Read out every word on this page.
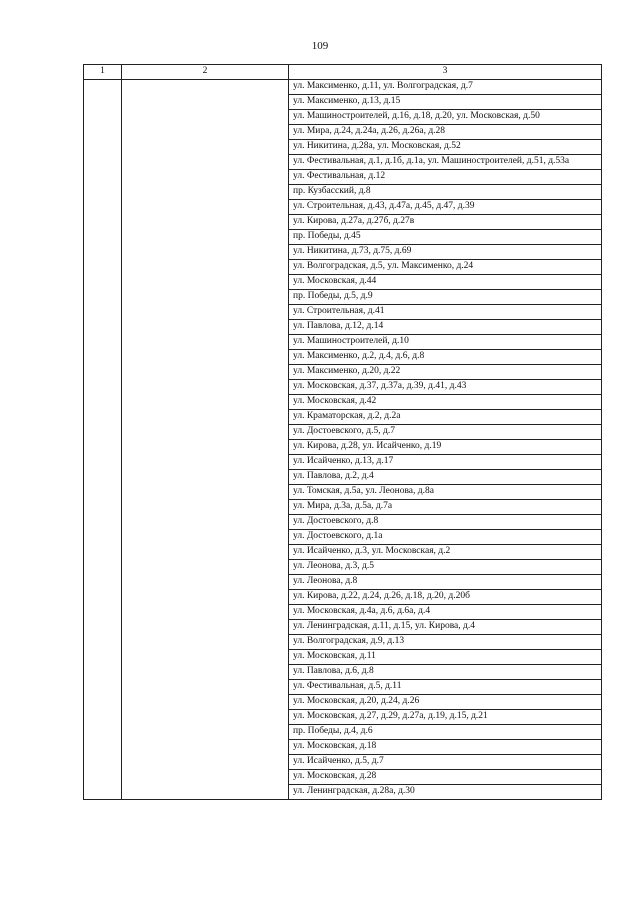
109
1	2	3
		ул. Максименко, д.11, ул. Волгоградская, д.7
		ул. Максименко, д.13, д.15
		ул. Машиностроителей, д.16, д.18, д.20, ул. Московская, д.50
		ул. Мира, д.24, д.24а, д.26, д.26а, д.28
		ул. Никитина, д.28а, ул. Московская, д.52
		ул. Фестивальная, д.1, д.1б, д.1а, ул. Машиностроителей, д.51, д.53а
		ул. Фестивальная, д.12
		пр. Кузбасский, д.8
		ул. Строительная, д.43, д.47а, д.45, д.47, д.39
		ул. Кирова, д.27а, д.27б, д.27в
		пр. Победы, д.45
		ул. Никитина, д.73, д.75, д.69
		ул. Волгоградская, д.5, ул. Максименко, д.24
		ул. Московская, д.44
		пр. Победы, д.5, д.9
		ул. Строительная, д.41
		ул. Павлова, д.12, д.14
		ул. Машиностроителей, д.10
		ул. Максименко, д.2, д.4, д.6, д.8
		ул. Максименко, д.20, д.22
		ул. Московская, д.37, д.37а, д.39, д.41, д.43
		ул. Московская, д.42
		ул. Краматорская, д.2, д.2а
		ул. Достоевского, д.5, д.7
		ул. Кирова, д.28, ул. Исайченко, д.19
		ул. Исайченко, д.13, д.17
		ул. Павлова, д.2, д.4
		ул. Томская, д.5а, ул. Леонова, д.8а
		ул. Мира, д.3а, д.5а, д.7а
		ул. Достоевского, д.8
		ул. Достоевского, д.1а
		ул. Исайченко, д.3, ул. Московская, д.2
		ул. Леонова, д.3, д.5
		ул. Леонова, д.8
		ул. Кирова, д.22, д.24, д.26, д.18, д.20, д.20б
		ул. Московская, д.4а, д.6, д.6а, д.4
		ул. Ленинградская, д.11, д.15, ул. Кирова, д.4
		ул. Волгоградская, д.9, д.13
		ул. Московская, д.11
		ул. Павлова, д.6, д.8
		ул. Фестивальная, д.5, д.11
		ул. Московская, д.20, д.24, д.26
		ул. Московская, д.27, д.29, д.27а, д.19, д.15, д.21
		пр. Победы, д.4, д.6
		ул. Московская, д.18
		ул. Исайченко, д.5, д.7
		ул. Московская, д.28
		ул. Ленинградская, д.28а, д.30
